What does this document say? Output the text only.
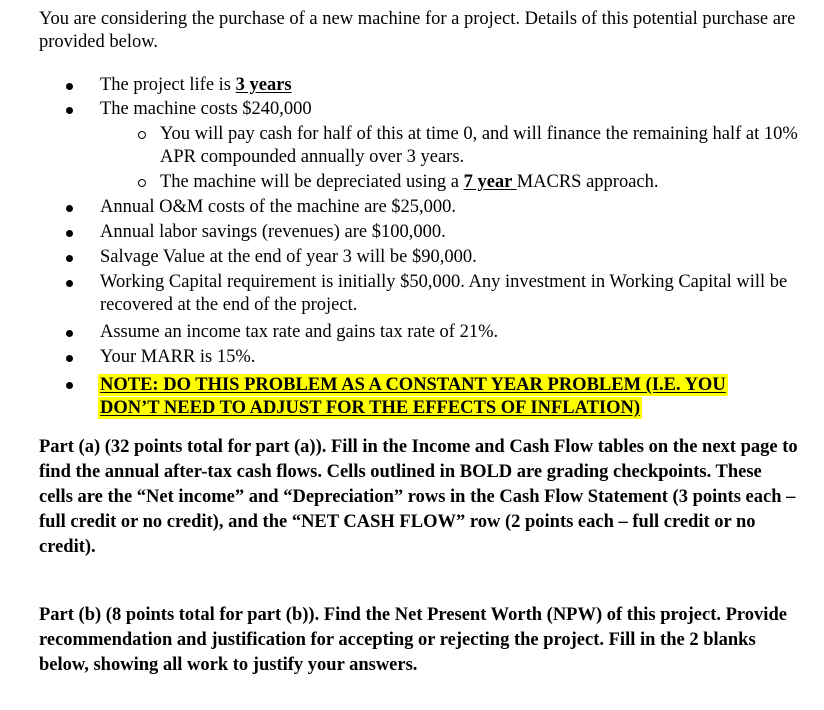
You are considering the purchase of a new machine for a project. Details of this potential purchase are provided below.

The project life is 3 years
The machine costs $240,000
You will pay cash for half of this at time 0, and will finance the remaining half at 10% APR compounded annually over 3 years.
The machine will be depreciated using a 7 year MACRS approach.
Annual O&M costs of the machine are $25,000.
Annual labor savings (revenues) are $100,000.
Salvage Value at the end of year 3 will be $90,000.
Working Capital requirement is initially $50,000. Any investment in Working Capital will be recovered at the end of the project.
Assume an income tax rate and gains tax rate of 21%.
Your MARR is 15%.
NOTE: DO THIS PROBLEM AS A CONSTANT YEAR PROBLEM (I.E. YOU
DON’T NEED TO ADJUST FOR THE EFFECTS OF INFLATION)

Part (a) (32 points total for part (a)). Fill in the Income and Cash Flow tables on the next page to find the annual after-tax cash flows. Cells outlined in BOLD are grading checkpoints. These cells are the “Net income” and “Depreciation” rows in the Cash Flow Statement (3 points each – full credit or no credit), and the “NET CASH FLOW” row (2 points each – full credit or no credit).

Part (b) (8 points total for part (b)). Find the Net Present Worth (NPW) of this project. Provide recommendation and justification for accepting or rejecting the project. Fill in the 2 blanks below, showing all work to justify your answers.
